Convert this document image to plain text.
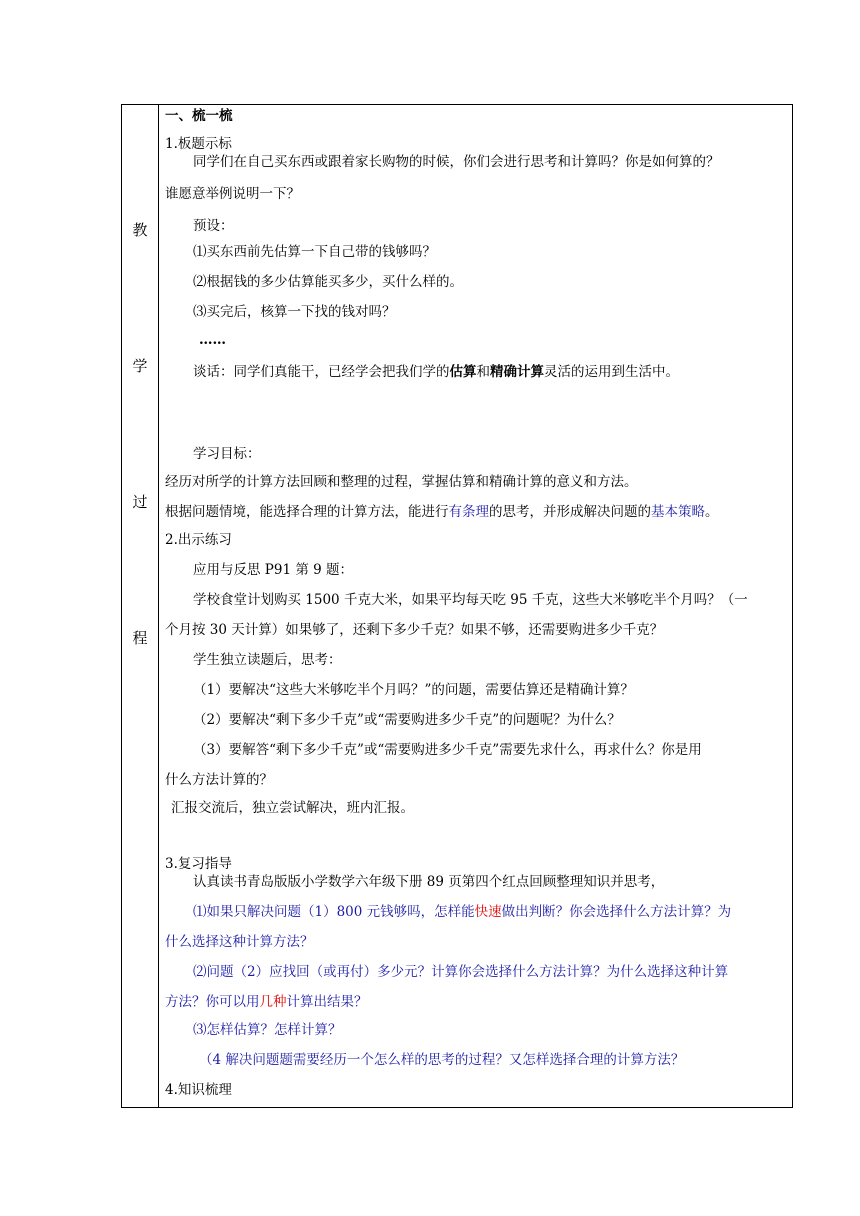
教
学
过
程
一、梳一梳
1.板题示标
同学们在自己买东西或跟着家长购物的时候，你们会进行思考和计算吗？你是如何算的？
谁愿意举例说明一下？
预设：
⑴买东西前先估算一下自己带的钱够吗？
⑵根据钱的多少估算能买多少，买什么样的。
⑶买完后，核算一下找的钱对吗？
……
谈话：同学们真能干，已经学会把我们学的估算和精确计算灵活的运用到生活中。
学习目标：
经历对所学的计算方法回顾和整理的过程，掌握估算和精确计算的意义和方法。
根据问题情境，能选择合理的计算方法，能进行有条理的思考，并形成解决问题的基本策略。
2.出示练习
应用与反思 P91 第 9 题：
学校食堂计划购买 1500 千克大米，如果平均每天吃 95 千克，这些大米够吃半个月吗？（一
个月按 30 天计算）如果够了，还剩下多少千克？如果不够，还需要购进多少千克？
学生独立读题后，思考：
（1）要解决“这些大米够吃半个月吗？”的问题，需要估算还是精确计算？
（2）要解决“剩下多少千克”或“需要购进多少千克”的问题呢？为什么？
（3）要解答“剩下多少千克”或“需要购进多少千克”需要先求什么，再求什么？你是用
什么方法计算的？
汇报交流后，独立尝试解决，班内汇报。
3.复习指导
认真读书青岛版版小学数学六年级下册 89 页第四个红点回顾整理知识并思考，
⑴如果只解决问题（1）800 元钱够吗，怎样能快速做出判断？你会选择什么方法计算？为
什么选择这种计算方法？
⑵问题（2）应找回（或再付）多少元？计算你会选择什么方法计算？为什么选择这种计算
方法？你可以用几种计算出结果？
⑶怎样估算？怎样计算？
（4 解决问题题需要经历一个怎么样的思考的过程？又怎样选择合理的计算方法？
4.知识梳理
